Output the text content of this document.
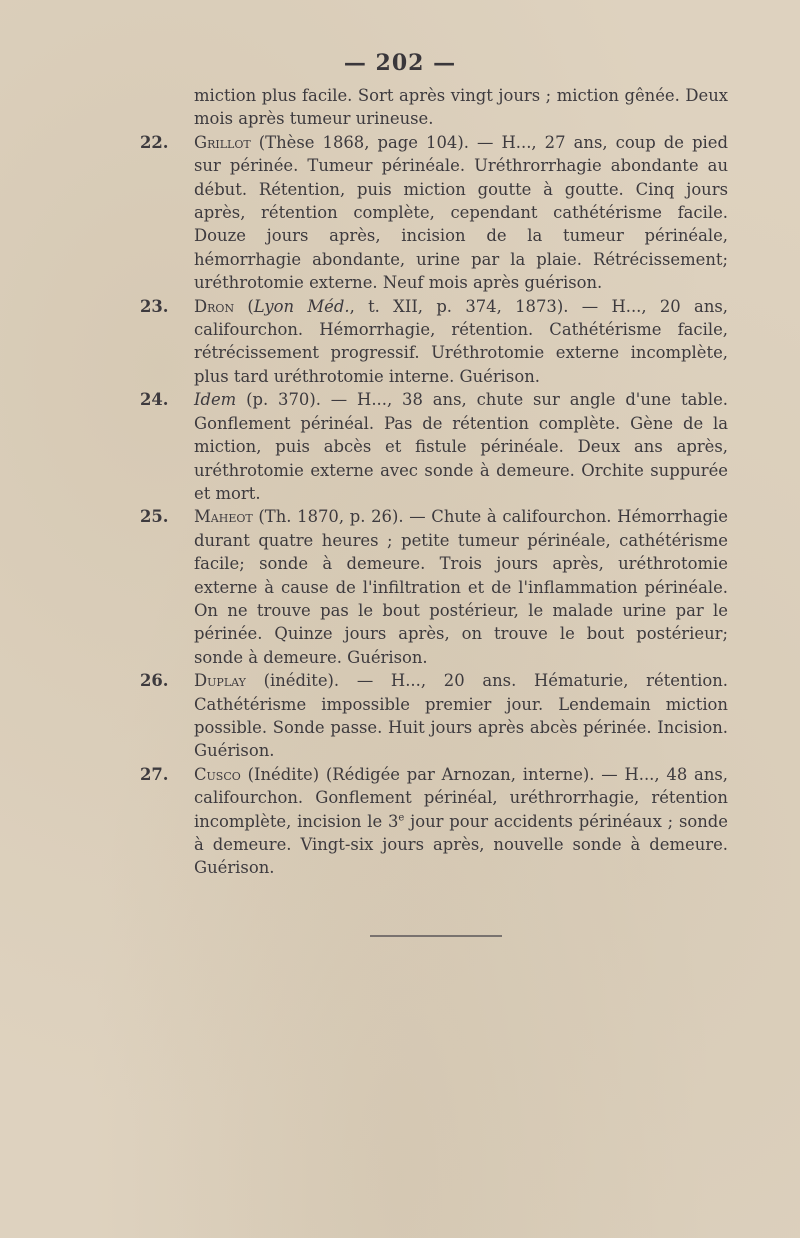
— 202 —

miction plus facile. Sort après vingt jours ; miction gênée. Deux mois après tumeur urineuse.

22. Grillot (Thèse 1868, page 104). — H..., 27 ans, coup de pied sur périnée. Tumeur périnéale. Uréthrorrhagie abondante au début. Rétention, puis miction goutte à goutte. Cinq jours après, rétention complète, cependant cathétérisme facile. Douze jours après, incision de la tumeur périnéale, hémorrhagie abondante, urine par la plaie. Rétrécissement; uréthrotomie externe. Neuf mois après guérison.

23. Dron (Lyon Méd., t. XII, p. 374, 1873). — H..., 20 ans, califourchon. Hémorrhagie, rétention. Cathétérisme facile, rétrécissement progressif. Uréthrotomie externe incomplète, plus tard uréthrotomie interne. Guérison.

24. Idem (p. 370). — H..., 38 ans, chute sur angle d'une table. Gonflement périnéal. Pas de rétention complète. Gène de la miction, puis abcès et fistule périnéale. Deux ans après, uréthrotomie externe avec sonde à demeure. Orchite suppurée et mort.

25. Maheot (Th. 1870, p. 26). — Chute à califourchon. Hémorrhagie durant quatre heures ; petite tumeur périnéale, cathétérisme facile; sonde à demeure. Trois jours après, uréthrotomie externe à cause de l'infiltration et de l'inflammation périnéale. On ne trouve pas le bout postérieur, le malade urine par le périnée. Quinze jours après, on trouve le bout postérieur; sonde à demeure. Guérison.

26. Duplay (inédite). — H..., 20 ans. Hématurie, rétention. Cathétérisme impossible premier jour. Lendemain miction possible. Sonde passe. Huit jours après abcès périnée. Incision. Guérison.

27. Cusco (Inédite) (Rédigée par Arnozan, interne). — H..., 48 ans, califourchon. Gonflement périnéal, uréthrorrhagie, rétention incomplète, incision le 3e jour pour accidents périnéaux ; sonde à demeure. Vingt-six jours après, nouvelle sonde à demeure. Guérison.
